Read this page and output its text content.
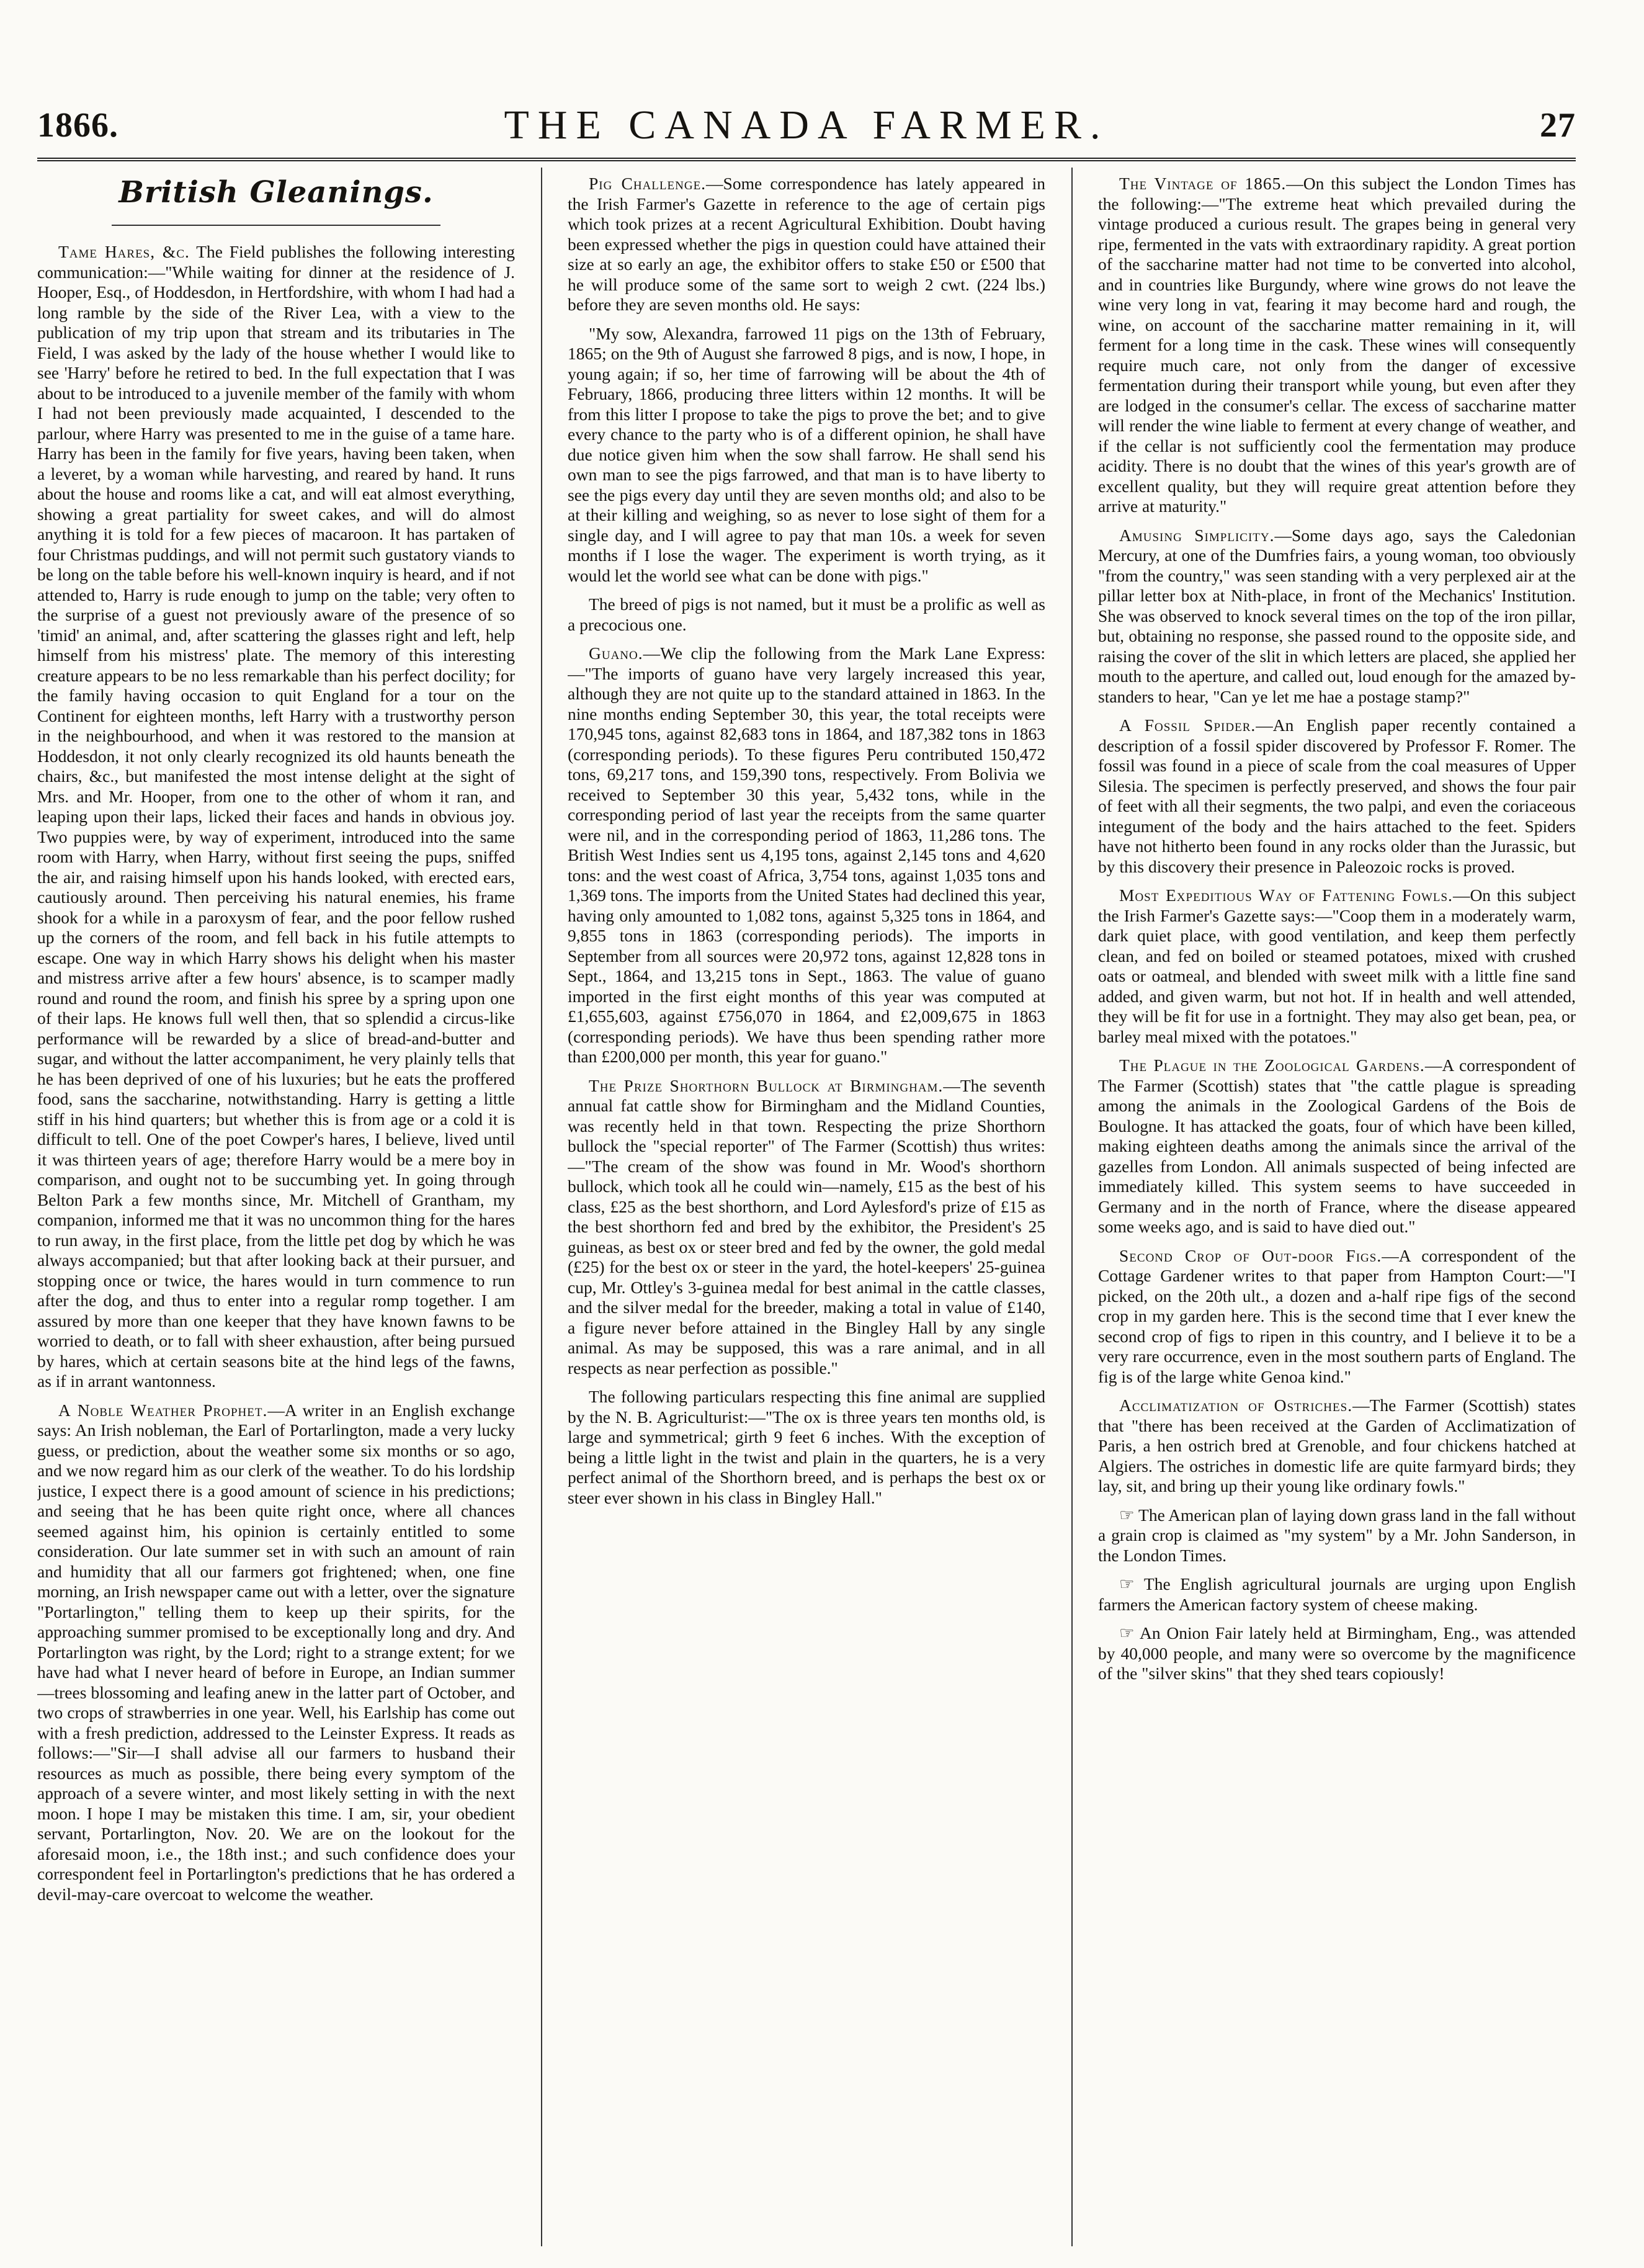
1866.	THE CANADA FARMER.	27
British Gleanings.

Tame Hares, &c. The Field publishes the following interesting communication:—"While waiting for dinner at the residence of J. Hooper, Esq., of Hoddesdon, in Hertfordshire, with whom I had had a long ramble by the side of the River Lea, with a view to the publication of my trip upon that stream and its tributaries in The Field, I was asked by the lady of the house whether I would like to see 'Harry' before he retired to bed. In the full expectation that I was about to be introduced to a juvenile member of the family with whom I had not been previously made acquainted, I descended to the parlour, where Harry was presented to me in the guise of a tame hare. Harry has been in the family for five years, having been taken, when a leveret, by a woman while harvesting, and reared by hand. It runs about the house and rooms like a cat, and will eat almost everything, showing a great partiality for sweet cakes, and will do almost anything it is told for a few pieces of macaroon. It has partaken of four Christmas puddings, and will not permit such gustatory viands to be long on the table before his well-known inquiry is heard, and if not attended to, Harry is rude enough to jump on the table; very often to the surprise of a guest not previously aware of the presence of so 'timid' an animal, and, after scattering the glasses right and left, help himself from his mistress' plate. The memory of this interesting creature appears to be no less remarkable than his perfect docility; for the family having occasion to quit England for a tour on the Continent for eighteen months, left Harry with a trustworthy person in the neighbourhood, and when it was restored to the mansion at Hoddesdon, it not only clearly recognized its old haunts beneath the chairs, &c., but manifested the most intense delight at the sight of Mrs. and Mr. Hooper, from one to the other of whom it ran, and leaping upon their laps, licked their faces and hands in obvious joy. Two puppies were, by way of experiment, introduced into the same room with Harry, when Harry, without first seeing the pups, sniffed the air, and raising himself upon his hands looked, with erected ears, cautiously around. Then perceiving his natural enemies, his frame shook for a while in a paroxysm of fear, and the poor fellow rushed up the corners of the room, and fell back in his futile attempts to escape. One way in which Harry shows his delight when his master and mistress arrive after a few hours' absence, is to scamper madly round and round the room, and finish his spree by a spring upon one of their laps. He knows full well then, that so splendid a circus-like performance will be rewarded by a slice of bread-and-butter and sugar, and without the latter accompaniment, he very plainly tells that he has been deprived of one of his luxuries; but he eats the proffered food, sans the saccharine, notwithstanding. Harry is getting a little stiff in his hind quarters; but whether this is from age or a cold it is difficult to tell. One of the poet Cowper's hares, I believe, lived until it was thirteen years of age; therefore Harry would be a mere boy in comparison, and ought not to be succumbing yet. In going through Belton Park a few months since, Mr. Mitchell of Grantham, my companion, informed me that it was no uncommon thing for the hares to run away, in the first place, from the little pet dog by which he was always accompanied; but that after looking back at their pursuer, and stopping once or twice, the hares would in turn commence to run after the dog, and thus to enter into a regular romp together. I am assured by more than one keeper that they have known fawns to be worried to death, or to fall with sheer exhaustion, after being pursued by hares, which at certain seasons bite at the hind legs of the fawns, as if in arrant wantonness.

A Noble Weather Prophet.—A writer in an English exchange says: An Irish nobleman, the Earl of Portarlington, made a very lucky guess, or prediction, about the weather some six months or so ago, and we now regard him as our clerk of the weather. To do his lordship justice, I expect there is a good amount of science in his predictions; and seeing that he has been quite right once, where all chances seemed against him, his opinion is certainly entitled to some consideration. Our late summer set in with such an amount of rain and humidity that all our farmers got frightened; when, one fine morning, an Irish newspaper came out with a letter, over the signature "Portarlington," telling them to keep up their spirits, for the approaching summer promised to be exceptionally long and dry. And Portarlington was right, by the Lord; right to a strange extent; for we have had what I never heard of before in Europe, an Indian summer—trees blossoming and leafing anew in the latter part of October, and two crops of strawberries in one year. Well, his Earlship has come out with a fresh prediction, addressed to the Leinster Express. It reads as follows:—"Sir—I shall advise all our farmers to husband their resources as much as possible, there being every symptom of the approach of a severe winter, and most likely setting in with the next moon. I hope I may be mistaken this time. I am, sir, your obedient servant, Portarlington, Nov. 20. We are on the lookout for the aforesaid moon, i.e., the 18th inst.; and such confidence does your correspondent feel in Portarlington's predictions that he has ordered a devil-may-care overcoat to welcome the weather.

Pig Challenge.—Some correspondence has lately appeared in the Irish Farmer's Gazette in reference to the age of certain pigs which took prizes at a recent Agricultural Exhibition. Doubt having been expressed whether the pigs in question could have attained their size at so early an age, the exhibitor offers to stake £50 or £500 that he will produce some of the same sort to weigh 2 cwt. (224 lbs.) before they are seven months old. He says:

"My sow, Alexandra, farrowed 11 pigs on the 13th of February, 1865; on the 9th of August she farrowed 8 pigs, and is now, I hope, in young again; if so, her time of farrowing will be about the 4th of February, 1866, producing three litters within 12 months. It will be from this litter I propose to take the pigs to prove the bet; and to give every chance to the party who is of a different opinion, he shall have due notice given him when the sow shall farrow. He shall send his own man to see the pigs farrowed, and that man is to have liberty to see the pigs every day until they are seven months old; and also to be at their killing and weighing, so as never to lose sight of them for a single day, and I will agree to pay that man 10s. a week for seven months if I lose the wager. The experiment is worth trying, as it would let the world see what can be done with pigs."

The breed of pigs is not named, but it must be a prolific as well as a precocious one.

Guano.—We clip the following from the Mark Lane Express:—"The imports of guano have very largely increased this year, although they are not quite up to the standard attained in 1863. In the nine months ending September 30, this year, the total receipts were 170,945 tons, against 82,683 tons in 1864, and 187,382 tons in 1863 (corresponding periods). To these figures Peru contributed 150,472 tons, 69,217 tons, and 159,390 tons, respectively. From Bolivia we received to September 30 this year, 5,432 tons, while in the corresponding period of last year the receipts from the same quarter were nil, and in the corresponding period of 1863, 11,286 tons. The British West Indies sent us 4,195 tons, against 2,145 tons and 4,620 tons: and the west coast of Africa, 3,754 tons, against 1,035 tons and 1,369 tons. The imports from the United States had declined this year, having only amounted to 1,082 tons, against 5,325 tons in 1864, and 9,855 tons in 1863 (corresponding periods). The imports in September from all sources were 20,972 tons, against 12,828 tons in Sept., 1864, and 13,215 tons in Sept., 1863. The value of guano imported in the first eight months of this year was computed at £1,655,603, against £756,070 in 1864, and £2,009,675 in 1863 (corresponding periods). We have thus been spending rather more than £200,000 per month, this year for guano."

The Prize Shorthorn Bullock at Birmingham.—The seventh annual fat cattle show for Birmingham and the Midland Counties, was recently held in that town. Respecting the prize Shorthorn bullock the "special reporter" of The Farmer (Scottish) thus writes:—"The cream of the show was found in Mr. Wood's shorthorn bullock, which took all he could win—namely, £15 as the best of his class, £25 as the best shorthorn, and Lord Aylesford's prize of £15 as the best shorthorn fed and bred by the exhibitor, the President's 25 guineas, as best ox or steer bred and fed by the owner, the gold medal (£25) for the best ox or steer in the yard, the hotel-keepers' 25-guinea cup, Mr. Ottley's 3-guinea medal for best animal in the cattle classes, and the silver medal for the breeder, making a total in value of £140, a figure never before attained in the Bingley Hall by any single animal. As may be supposed, this was a rare animal, and in all respects as near perfection as possible."

The following particulars respecting this fine animal are supplied by the N. B. Agriculturist:—"The ox is three years ten months old, is large and symmetrical; girth 9 feet 6 inches. With the exception of being a little light in the twist and plain in the quarters, he is a very perfect animal of the Shorthorn breed, and is perhaps the best ox or steer ever shown in his class in Bingley Hall."

The Vintage of 1865.—On this subject the London Times has the following:—"The extreme heat which prevailed during the vintage produced a curious result. The grapes being in general very ripe, fermented in the vats with extraordinary rapidity. A great portion of the saccharine matter had not time to be converted into alcohol, and in countries like Burgundy, where wine grows do not leave the wine very long in vat, fearing it may become hard and rough, the wine, on account of the saccharine matter remaining in it, will ferment for a long time in the cask. These wines will consequently require much care, not only from the danger of excessive fermentation during their transport while young, but even after they are lodged in the consumer's cellar. The excess of saccharine matter will render the wine liable to ferment at every change of weather, and if the cellar is not sufficiently cool the fermentation may produce acidity. There is no doubt that the wines of this year's growth are of excellent quality, but they will require great attention before they arrive at maturity."

Amusing Simplicity.—Some days ago, says the Caledonian Mercury, at one of the Dumfries fairs, a young woman, too obviously "from the country," was seen standing with a very perplexed air at the pillar letter box at Nith-place, in front of the Mechanics' Institution. She was observed to knock several times on the top of the iron pillar, but, obtaining no response, she passed round to the opposite side, and raising the cover of the slit in which letters are placed, she applied her mouth to the aperture, and called out, loud enough for the amazed by-standers to hear, "Can ye let me hae a postage stamp?"

A Fossil Spider.—An English paper recently contained a description of a fossil spider discovered by Professor F. Romer. The fossil was found in a piece of scale from the coal measures of Upper Silesia. The specimen is perfectly preserved, and shows the four pair of feet with all their segments, the two palpi, and even the coriaceous integument of the body and the hairs attached to the feet. Spiders have not hitherto been found in any rocks older than the Jurassic, but by this discovery their presence in Paleozoic rocks is proved.

Most Expeditious Way of Fattening Fowls.—On this subject the Irish Farmer's Gazette says:—"Coop them in a moderately warm, dark quiet place, with good ventilation, and keep them perfectly clean, and fed on boiled or steamed potatoes, mixed with crushed oats or oatmeal, and blended with sweet milk with a little fine sand added, and given warm, but not hot. If in health and well attended, they will be fit for use in a fortnight. They may also get bean, pea, or barley meal mixed with the potatoes."

The Plague in the Zoological Gardens.—A correspondent of The Farmer (Scottish) states that "the cattle plague is spreading among the animals in the Zoological Gardens of the Bois de Boulogne. It has attacked the goats, four of which have been killed, making eighteen deaths among the animals since the arrival of the gazelles from London. All animals suspected of being infected are immediately killed. This system seems to have succeeded in Germany and in the north of France, where the disease appeared some weeks ago, and is said to have died out."

Second Crop of Out-door Figs.—A correspondent of the Cottage Gardener writes to that paper from Hampton Court:—"I picked, on the 20th ult., a dozen and a-half ripe figs of the second crop in my garden here. This is the second time that I ever knew the second crop of figs to ripen in this country, and I believe it to be a very rare occurrence, even in the most southern parts of England. The fig is of the large white Genoa kind."

Acclimatization of Ostriches.—The Farmer (Scottish) states that "there has been received at the Garden of Acclimatization of Paris, a hen ostrich bred at Grenoble, and four chickens hatched at Algiers. The ostriches in domestic life are quite farmyard birds; they lay, sit, and bring up their young like ordinary fowls."

☞ The American plan of laying down grass land in the fall without a grain crop is claimed as "my system" by a Mr. John Sanderson, in the London Times.

☞ The English agricultural journals are urging upon English farmers the American factory system of cheese making.

☞ An Onion Fair lately held at Birmingham, Eng., was attended by 40,000 people, and many were so overcome by the magnificence of the "silver skins" that they shed tears copiously!
